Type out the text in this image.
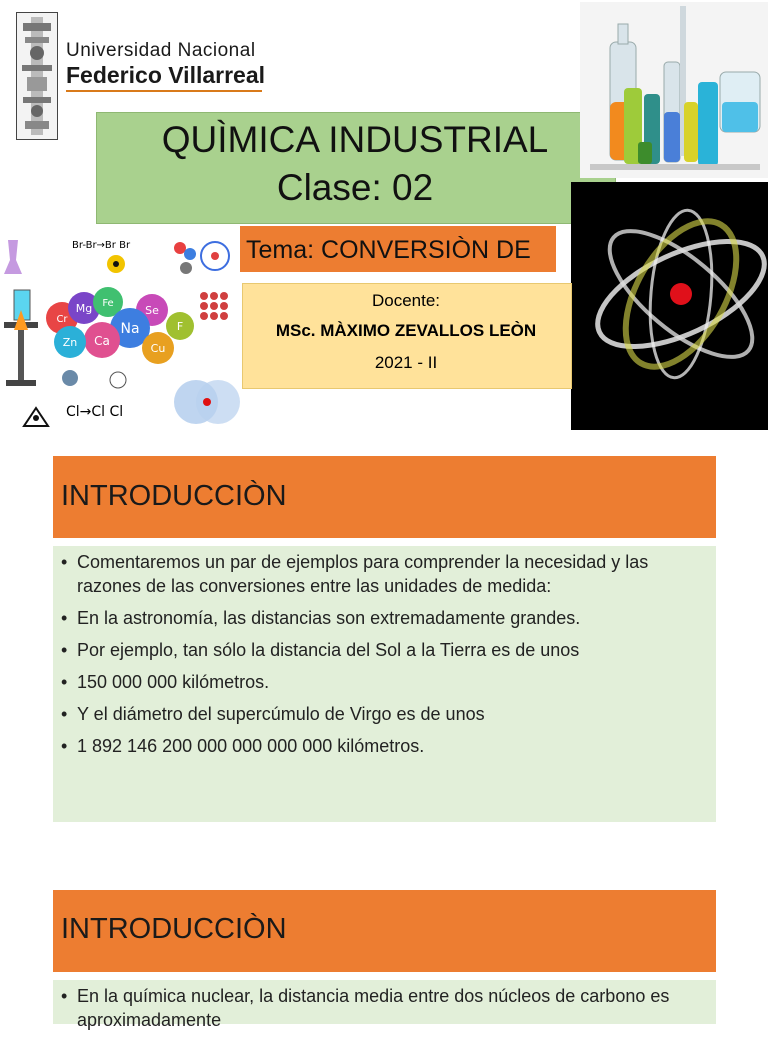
Universidad Nacional
Federico Villarreal
QUÌMICA INDUSTRIAL
Clase: 02
Br-Br→Br Br
Mg Fe
Se
Na
Ca
Zn	Cu
F
Cr
Cl→Cl Cl
Tema: CONVERSIÒN DE
Docente:
MSc. MÀXIMO ZEVALLOS LEÒN
2021 - II
INTRODUCCIÒN
• Comentaremos un par de ejemplos para comprender la necesidad y las razones de las conversiones entre las unidades de medida:
• En la astronomía, las distancias son extremadamente grandes.
• Por ejemplo, tan sólo la distancia del Sol a la Tierra es de unos
• 150 000 000 kilómetros.
• Y el diámetro del supercúmulo de Virgo es de unos
• 1 892 146 200 000 000 000 000 kilómetros.
INTRODUCCIÒN
• En la química nuclear, la distancia media entre dos núcleos de carbono es aproximadamente
